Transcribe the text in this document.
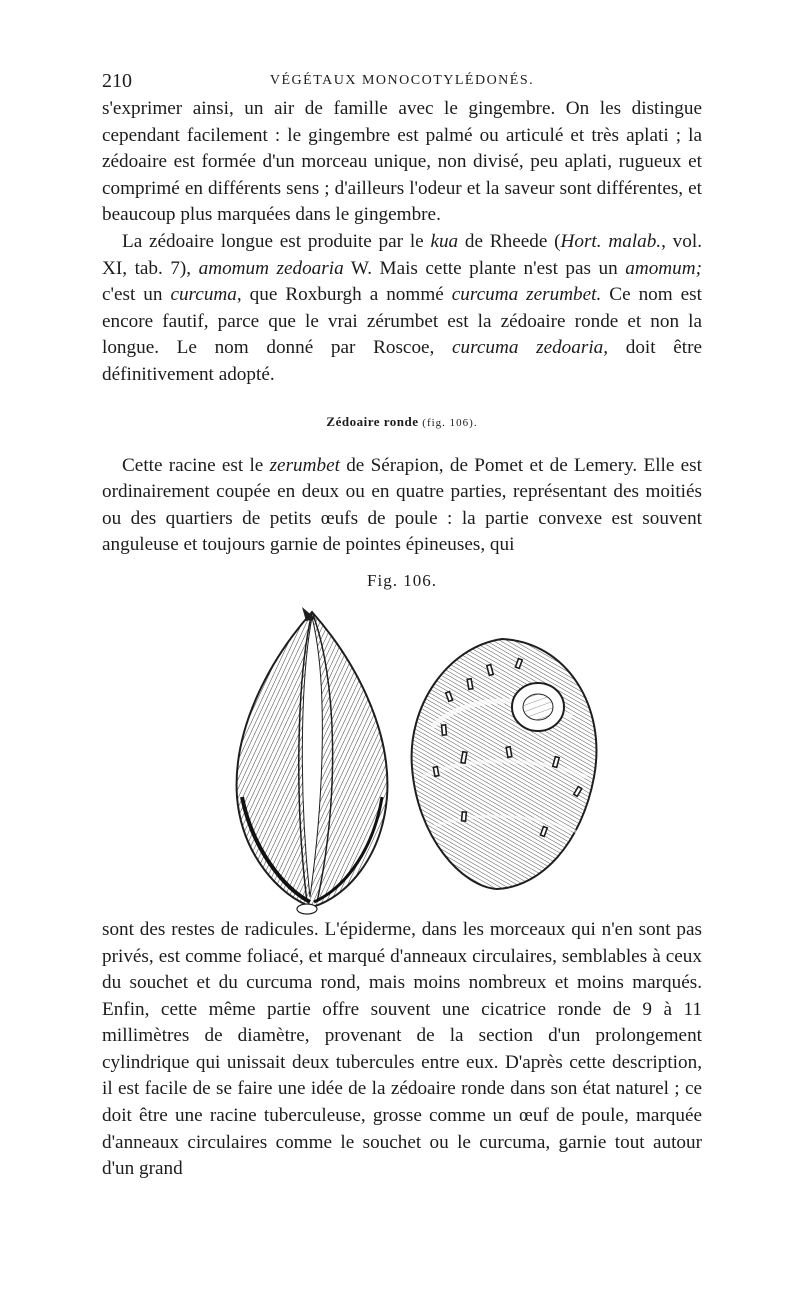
210	VÉGÉTAUX MONOCOTYLÉDONÉS.

s'exprimer ainsi, un air de famille avec le gingembre. On les distingue cependant facilement : le gingembre est palmé ou articulé et très aplati ; la zédoaire est formée d'un morceau unique, non divisé, peu aplati, rugueux et comprimé en différents sens ; d'ailleurs l'odeur et la saveur sont différentes, et beaucoup plus marquées dans le gingembre.

La zédoaire longue est produite par le kua de Rheede (Hort. malab., vol. XI, tab. 7), amomum zedoaria W. Mais cette plante n'est pas un amomum; c'est un curcuma, que Roxburgh a nommé curcuma zerumbet. Ce nom est encore fautif, parce que le vrai zérumbet est la zédoaire ronde et non la longue. Le nom donné par Roscoe, curcuma zedoaria, doit être définitivement adopté.

Zédoaire ronde (fig. 106).

Cette racine est le zerumbet de Sérapion, de Pomet et de Lemery. Elle est ordinairement coupée en deux ou en quatre parties, représentant des moitiés ou des quartiers de petits œufs de poule : la partie convexe est souvent anguleuse et toujours garnie de pointes épineuses, qui

Fig. 106.

sont des restes de radicules. L'épiderme, dans les morceaux qui n'en sont pas privés, est comme foliacé, et marqué d'anneaux circulaires, semblables à ceux du souchet et du curcuma rond, mais moins nombreux et moins marqués. Enfin, cette même partie offre souvent une cicatrice ronde de 9 à 11 millimètres de diamètre, provenant de la section d'un prolongement cylindrique qui unissait deux tubercules entre eux. D'après cette description, il est facile de se faire une idée de la zédoaire ronde dans son état naturel ; ce doit être une racine tuberculeuse, grosse comme un œuf de poule, marquée d'anneaux circulaires comme le souchet ou le curcuma, garnie tout autour d'un grand
